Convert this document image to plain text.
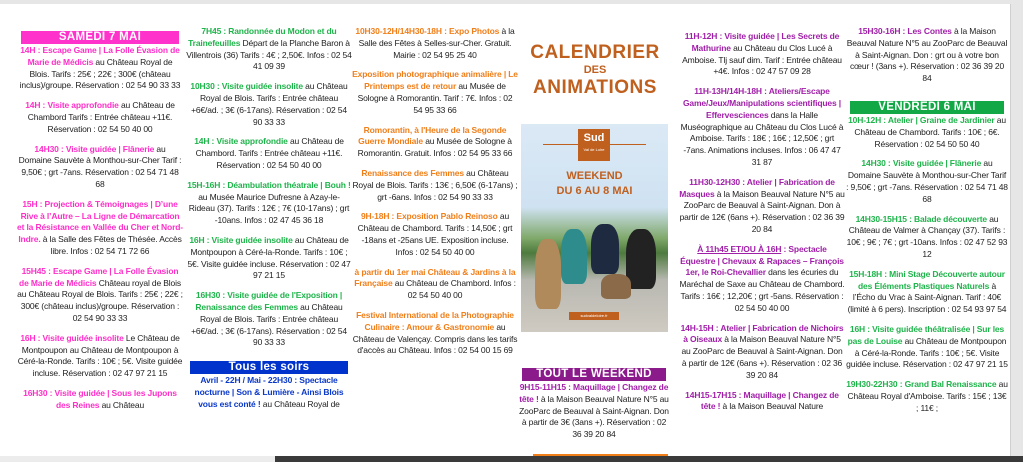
SAMEDI 7 MAI
14H : Escape Game | La Folle Évasion de Marie de Médicis au Château Royal de Blois. Tarifs : 25€ ; 22€ ; 300€ (château inclus)/groupe. Réservation : 02 54 90 33 33
14H : Visite approfondie au Château de Chambord Tarifs : Entrée château +11€. Réservation : 02 54 50 40 00
14H30 : Visite guidée | Flânerie au Domaine Sauvète à Monthou-sur-Cher Tarif : 9,50€ ; grt -7ans. Réservation : 02 54 71 48 68
15H : Projection & Témoignages | D’une Rive à l’Autre – La Ligne de Démarcation et la Résistance en Vallée du Cher et Nord-Indre. à la Salle des Fêtes de Thésée. Accès libre. Infos : 02 54 71 72 66
15H45 : Escape Game | La Folle Évasion de Marie de Médicis Château royal de Blois au Château Royal de Blois. Tarifs : 25€ ; 22€ ; 300€ (château inclus)/groupe. Réservation : 02 54 90 33 33
16H : Visite guidée insolite Le Château de Montpoupon au Château de Montpoupon à Céré-la-Ronde. Tarifs : 10€ ; 5€. Visite guidée incluse. Réservation : 02 47 97 21 15
16H30 : Visite guidée | Sous les Jupons des Reines au Château
7H45 : Randonnée du Modon et du Trainefeuilles Départ de la Planche Baron à Villentrois (36) Tarifs : 4€ ; 2,50€. Infos : 02 54 41 09 39
10H30 : Visite guidée insolite au Château Royal de Blois. Tarifs : Entrée château +6€/ad. ; 3€ (6-17ans). Réservation : 02 54 90 33 33
14H : Visite approfondie au Château de Chambord. Tarifs : Entrée château +11€. Réservation : 02 54 50 40 00
15H-16H : Déambulation théatrale | Bouh ! au Musée Maurice Dufresne à Azay-le-Rideau (37). Tarifs : 12€ ; 7€ (10-17ans) ; grt -10ans. Infos : 02 47 45 36 18
16H : Visite guidée insolite au Château de Montpoupon à Céré-la-Ronde. Tarifs : 10€ ; 5€. Visite guidée incluse. Réservation : 02 47 97 21 15
16H30 : Visite guidée de l'Exposition | Renaissance des Femmes au Château Royal de Blois. Tarifs : Entrée château +6€/ad. ; 3€ (6-17ans). Réservation : 02 54 90 33 33
Tous les soirs
Avril - 22H / Mai - 22H30 : Spectacle nocturne | Son & Lumière - Ainsi Blois vous est conté ! au Château Royal de
10H30-12H/14H30-18H : Expo Photos à la Salle des Fêtes à Selles-sur-Cher. Gratuit. Mairie : 02 54 95 25 40
Exposition photographique animalière | Le Printemps est de retour au Musée de Sologne à Romorantin. Tarif : 7€. Infos : 02 54 95 33 66
Romorantin, à l'Heure de la Segonde Guerre Mondiale au Musée de Sologne à Romorantin. Gratuit. Infos : 02 54 95 33 66
Renaissance des Femmes au Château Royal de Blois. Tarifs : 13€ ; 6,50€ (6-17ans) ; grt -6ans. Infos : 02 54 90 33 33
9H-18H : Exposition Pablo Reinoso au Château de Chambord. Tarifs : 14,50€ ; grt -18ans et -25ans UE. Exposition incluse. Infos : 02 54 50 40 00
à partir du 1er mai Château & Jardins à la Française au Château de Chambord. Infos : 02 54 50 40 00
Festival International de la Photographie Culinaire : Amour & Gastronomie au Château de Valençay. Compris dans les tarifs d'accès au Château. Infos : 02 54 00 15 69
CALENDRIER
DES
ANIMATIONS
Sud
Val de Loire
WEEKEND
DU 6 AU 8 MAI
sudvaldeloire.fr
TOUT LE WEEKEND
9H15-11H15 : Maquillage | Changez de tête ! à la Maison Beauval Nature N°5 au ZooParc de Beauval à Saint-Aignan. Don à partir de 3€ (3ans +). Réservation : 02 36 39 20 84
11H-12H : Visite guidée | Les Secrets de Mathurine au Château du Clos Lucé à Amboise. Tlj sauf dim. Tarif : Entrée château +4€. Infos : 02 47 57 09 28
11H-13H/14H-18H : Ateliers/Escape Game/Jeux/Manipulations scientifiques | Effervesciences dans la Halle Muséographique au Château du Clos Lucé à Amboise. Tarifs : 18€ ; 16€ ; 12,50€ ; grt -7ans. Animations incluses. Infos : 06 47 47 31 87
11H30-12H30 : Atelier | Fabrication de Masques à la Maison Beauval Nature N°5 au ZooParc de Beauval à Saint-Aignan. Don à partir de 12€ (6ans +). Réservation : 02 36 39 20 84
À 11h45 ET/OU À 16H : Spectacle Équestre | Chevaux & Rapaces – François 1er, le Roi-Chevallier dans les écuries du Maréchal de Saxe au Château de Chambord. Tarifs : 16€ ; 12,20€ ; grt -5ans. Réservation : 02 54 50 40 00
14H-15H : Atelier | Fabrication de Nichoirs à Oiseaux à la Maison Beauval Nature N°5 au ZooParc de Beauval à Saint-Aignan. Don à partir de 12€ (6ans +). Réservation : 02 36 39 20 84
14H15-17H15 : Maquillage | Changez de tête ! à la Maison Beauval Nature
15H30-16H : Les Contes à la Maison Beauval Nature N°5 au ZooParc de Beauval à Saint-Aignan. Don : grt ou à votre bon cœur ! (3ans +). Réservation : 02 36 39 20 84
VENDREDI 6 MAI
10H-12H : Atelier | Graine de Jardinier au Château de Chambord. Tarifs : 10€ ; 6€. Réservation : 02 54 50 50 40
14H30 : Visite guidée | Flânerie au Domaine Sauvète à Monthou-sur-Cher Tarif : 9,50€ ; grt -7ans. Réservation : 02 54 71 48 68
14H30-15H15 : Balade découverte au Château de Valmer à Chançay (37). Tarifs : 10€ ; 9€ ; 7€ ; grt -10ans. Infos : 02 47 52 93 12
15H-18H : Mini Stage Découverte autour des Éléments Plastiques Naturels à l’Écho du Vrac à Saint-Aignan. Tarif : 40€ (limité à 6 pers). Inscription : 02 54 93 97 54
16H : Visite guidée théâtralisée | Sur les pas de Louise au Château de Montpoupon à Céré-la-Ronde. Tarifs : 10€ ; 5€. Visite guidée incluse. Réservation : 02 47 97 21 15
19H30-22H30 : Grand Bal Renaissance au Château Royal d'Amboise. Tarifs : 15€ ; 13€ ; 11€ ;
